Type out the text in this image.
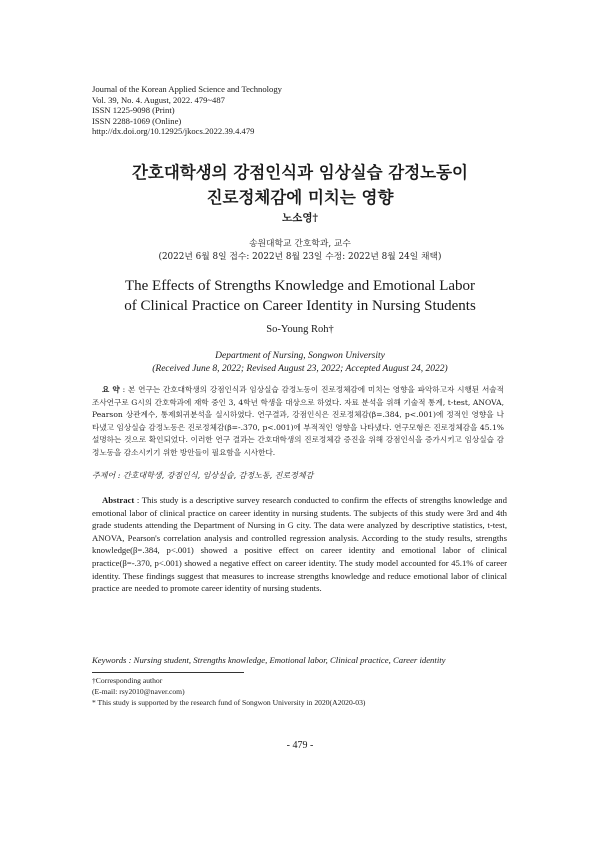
Journal of the Korean Applied Science and Technology
Vol. 39, No. 4. August, 2022. 479~487
ISSN 1225-9098 (Print)
ISSN 2288-1069 (Online)
http://dx.doi.org/10.12925/jkocs.2022.39.4.479
간호대학생의 강점인식과 임상실습 감정노동이
진로정체감에 미치는 영향
노소영†
송원대학교 간호학과, 교수
(2022년 6월 8일 접수: 2022년 8월 23일 수정: 2022년 8월 24일 채택)
The Effects of Strengths Knowledge and Emotional Labor
of Clinical Practice on Career Identity in Nursing Students
So-Young Roh†
Department of Nursing, Songwon University
(Received June 8, 2022; Revised August 23, 2022; Accepted August 24, 2022)
요 약 : 본 연구는 간호대학생의 강점인식과 임상실습 감정노동이 진로정체감에 미치는 영향을 파악하고자 시행된 서술적 조사연구로 G시의 간호학과에 재학 중인 3, 4학년 학생을 대상으로 하였다. 자료 분석을 위해 기술적 통계, t-test, ANOVA, Pearson 상관계수, 통제회귀분석을 실시하였다. 연구결과, 강점인식은 진로정체감(β=.384, p<.001)에 정적인 영향을 나타냈고 임상실습 감정노동은 진로정체감(β=-.370, p<.001)에 부적적인 영향을 나타냈다. 연구모형은 진로정체감을 45.1% 설명하는 것으로 확인되었다. 이러한 연구 결과는 간호대학생의 진로정체감 증진을 위해 강점인식을 증가시키고 임상실습 감정노동을 감소시키기 위한 방안들이 필요함을 시사한다.
주제어 : 간호대학생, 강점인식, 임상실습, 감정노동, 진로정체감
Abstract : This study is a descriptive survey research conducted to confirm the effects of strengths knowledge and emotional labor of clinical practice on career identity in nursing students. The subjects of this study were 3rd and 4th grade students attending the Department of Nursing in G city. The data were analyzed by descriptive statistics, t-test, ANOVA, Pearson's correlation analysis and controlled regression analysis. According to the study results, strengths knowledge(β=.384, p<.001) showed a positive effect on career identity and emotional labor of clinical practice(β=-.370, p<.001) showed a negative effect on career identity. The study model accounted for 45.1% of career identity. These findings suggest that measures to increase strengths knowledge and reduce emotional labor of clinical practice are needed to promote career identity of nursing students.
Keywords : Nursing student, Strengths knowledge, Emotional labor, Clinical practice, Career identity
†Corresponding author
(E-mail: rsy2010@naver.com)
* This study is supported by the research fund of Songwon University in 2020(A2020-03)
- 479 -
